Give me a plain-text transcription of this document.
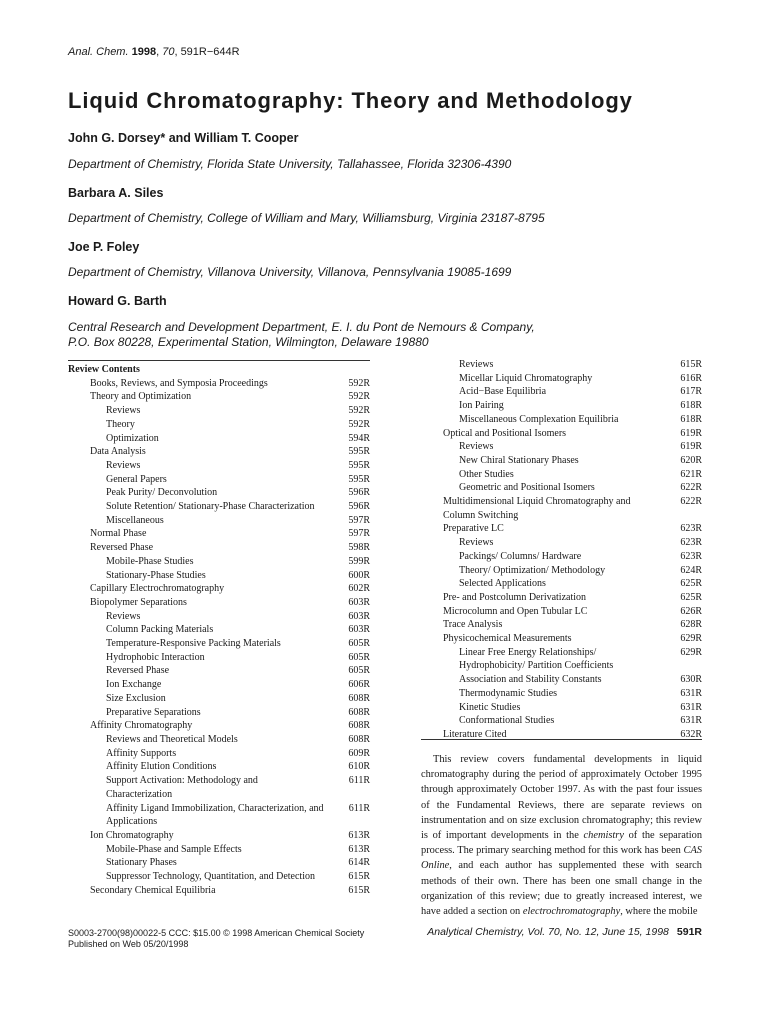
Anal. Chem. 1998, 70, 591R−644R
Liquid Chromatography: Theory and Methodology
John G. Dorsey* and William T. Cooper
Department of Chemistry, Florida State University, Tallahassee, Florida 32306-4390
Barbara A. Siles
Department of Chemistry, College of William and Mary, Williamsburg, Virginia 23187-8795
Joe P. Foley
Department of Chemistry, Villanova University, Villanova, Pennsylvania 19085-1699
Howard G. Barth
Central Research and Development Department, E. I. du Pont de Nemours & Company,
P.O. Box 80228, Experimental Station, Wilmington, Delaware 19880
Review Contents
Books, Reviews, and Symposia Proceedings	592R
Theory and Optimization	592R
Reviews	592R
Theory	592R
Optimization	594R
Data Analysis	595R
Reviews	595R
General Papers	595R
Peak Purity/ Deconvolution	596R
Solute Retention/ Stationary-Phase Characterization	596R
Miscellaneous	597R
Normal Phase	597R
Reversed Phase	598R
Mobile-Phase Studies	599R
Stationary-Phase Studies	600R
Capillary Electrochromatography	602R
Biopolymer Separations	603R
Reviews	603R
Column Packing Materials	603R
Temperature-Responsive Packing Materials	605R
Hydrophobic Interaction	605R
Reversed Phase	605R
Ion Exchange	606R
Size Exclusion	608R
Preparative Separations	608R
Affinity Chromatography	608R
Reviews and Theoretical Models	608R
Affinity Supports	609R
Affinity Elution Conditions	610R
Support Activation: Methodology and Characterization
611R
Affinity Ligand Immobilization, Characterization, and Applications
611R
Ion Chromatography	613R
Mobile-Phase and Sample Effects	613R
Stationary Phases	614R
Suppressor Technology, Quantitation, and Detection	615R
Secondary Chemical Equilibria	615R
Reviews	615R
Micellar Liquid Chromatography	616R
Acid−Base Equilibria	617R
Ion Pairing	618R
Miscellaneous Complexation Equilibria	618R
Optical and Positional Isomers	619R
Reviews	619R
New Chiral Stationary Phases	620R
Other Studies	621R
Geometric and Positional Isomers	622R
Multidimensional Liquid Chromatography and Column Switching
622R
Preparative LC	623R
Reviews	623R
Packings/ Columns/ Hardware	623R
Theory/ Optimization/ Methodology	624R
Selected Applications	625R
Pre- and Postcolumn Derivatization	625R
Microcolumn and Open Tubular LC	626R
Trace Analysis	628R
Physicochemical Measurements	629R
Linear Free Energy Relationships/ Hydrophobicity/ Partition Coefficients
629R
Association and Stability Constants	630R
Thermodynamic Studies	631R
Kinetic Studies	631R
Conformational Studies	631R
Literature Cited	632R

This review covers fundamental developments in liquid chromatography during the period of approximately October 1995 through approximately October 1997. As with the past four issues of the Fundamental Reviews, there are separate reviews on instrumentation and on size exclusion chromatography; this review is of important developments in the chemistry of the separation process. The primary searching method for this work has been CAS Online, and each author has supplemented these with search methods of their own. There has been one small change in the organization of this review; due to greatly increased interest, we have added a section on electrochromatography, where the mobile

S0003-2700(98)00022-5 CCC: $15.00 © 1998 American Chemical Society
Published on Web 05/20/1998
Analytical Chemistry, Vol. 70, No. 12, June 15, 1998 591R
